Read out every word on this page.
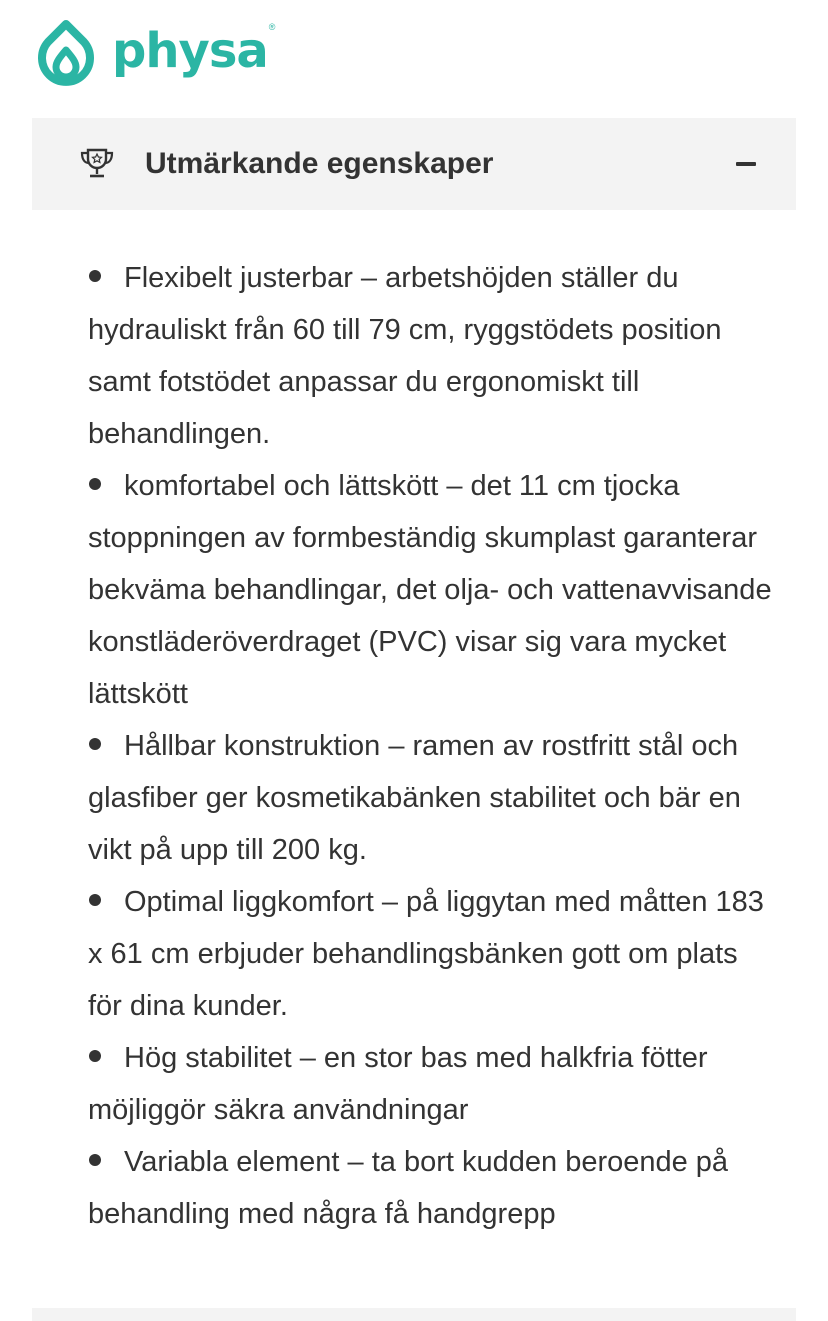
physa ®
Utmärkande egenskaper
Flexibelt justerbar – arbetshöjden ställer du hydrauliskt från 60 till 79 cm, ryggstödets position samt fotstödet anpassar du ergonomiskt till behandlingen.
komfortabel och lättskött – det 11 cm tjocka stoppningen av formbeständig skumplast garanterar bekväma behandlingar, det olja- och vattenavvisande konstläderöverdraget (PVC) visar sig vara mycket lättskött
Hållbar konstruktion – ramen av rostfritt stål och glasfiber ger kosmetikabänken stabilitet och bär en vikt på upp till 200 kg.
Optimal liggkomfort – på liggytan med måtten 183 x 61 cm erbjuder behandlingsbänken gott om plats för dina kunder.
Hög stabilitet – en stor bas med halkfria fötter möjliggör säkra användningar
Variabla element – ta bort kudden beroende på behandling med några få handgrepp
